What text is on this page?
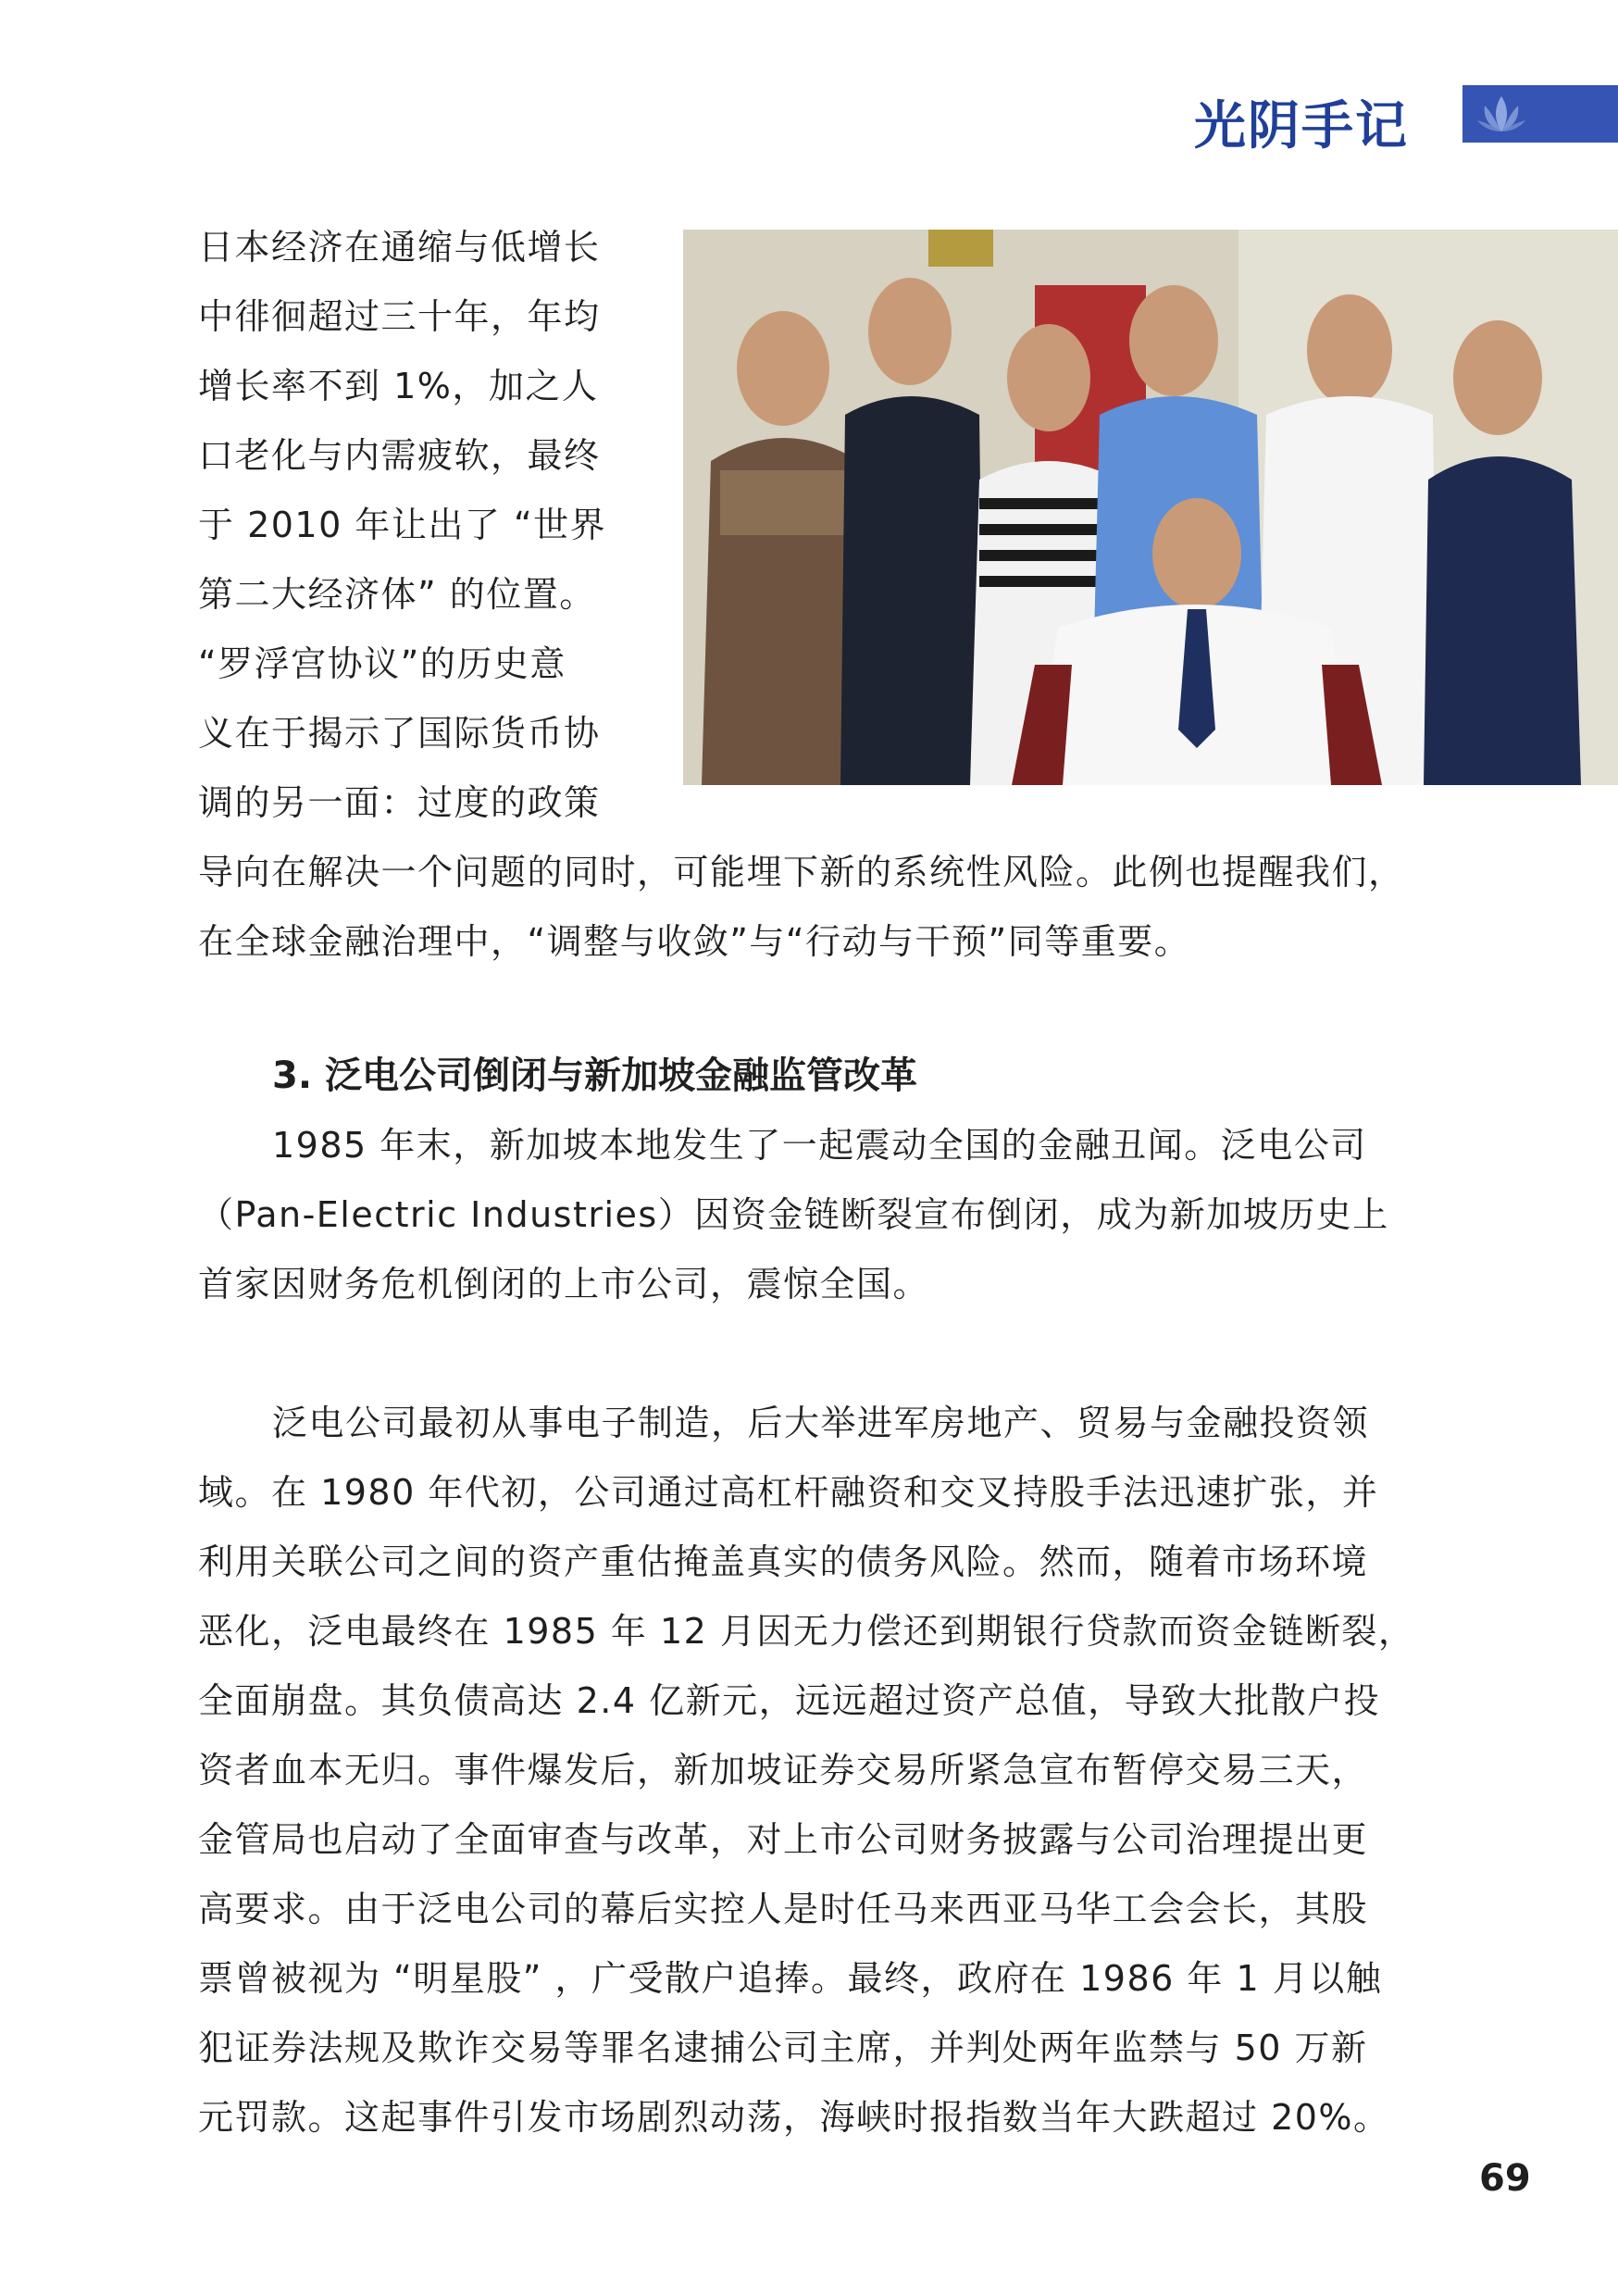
光阴手记

日本经济在通缩与低增长

中徘徊超过三十年，年均

增长率不到 1%，加之人

口老化与内需疲软，最终

于 2010 年让出了 “世界

第二大经济体” 的位置。

“罗浮宫协议”的历史意

义在于揭示了国际货币协

调的另一面：过度的政策

导向在解决一个问题的同时，可能埋下新的系统性风险。此例也提醒我们，

在全球金融治理中，“调整与收敛”与“行动与干预”同等重要。

3. 泛电公司倒闭与新加坡金融监管改革

1985 年末，新加坡本地发生了一起震动全国的金融丑闻。泛电公司

（Pan-Electric Industries）因资金链断裂宣布倒闭，成为新加坡历史上

首家因财务危机倒闭的上市公司，震惊全国。

泛电公司最初从事电子制造，后大举进军房地产、贸易与金融投资领

域。在 1980 年代初，公司通过高杠杆融资和交叉持股手法迅速扩张，并

利用关联公司之间的资产重估掩盖真实的债务风险。然而，随着市场环境

恶化，泛电最终在 1985 年 12 月因无力偿还到期银行贷款而资金链断裂，

全面崩盘。其负债高达 2.4 亿新元，远远超过资产总值，导致大批散户投

资者血本无归。事件爆发后，新加坡证券交易所紧急宣布暂停交易三天，

金管局也启动了全面审查与改革，对上市公司财务披露与公司治理提出更

高要求。由于泛电公司的幕后实控人是时任马来西亚马华工会会长，其股

票曾被视为 “明星股” ，广受散户追捧。最终，政府在 1986 年 1 月以触

犯证券法规及欺诈交易等罪名逮捕公司主席，并判处两年监禁与 50 万新

元罚款。这起事件引发市场剧烈动荡，海峡时报指数当年大跌超过 20%。

69
